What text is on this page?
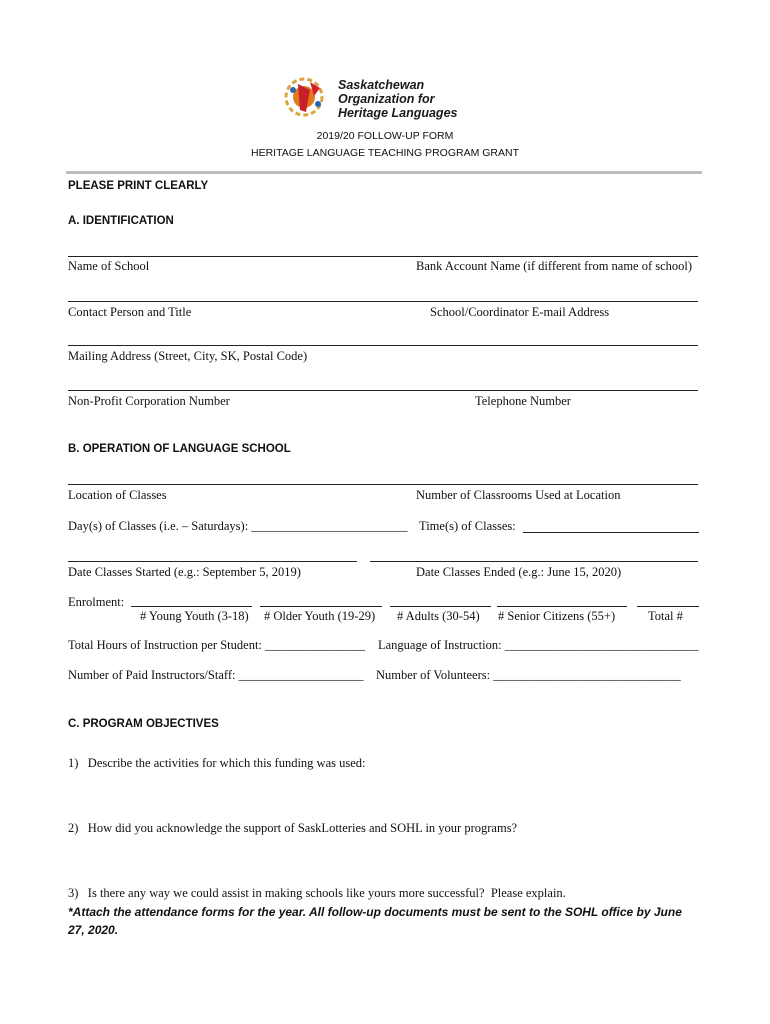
Saskatchewan
Organization for
Heritage Languages
2019/20 FOLLOW-UP FORM
HERITAGE LANGUAGE TEACHING PROGRAM GRANT
PLEASE PRINT CLEARLY
A. IDENTIFICATION
Name of School	Bank Account Name (if different from name of school)
Contact Person and Title	School/Coordinator E-mail Address
Mailing Address (Street, City, SK, Postal Code)
Non-Profit Corporation Number	Telephone Number
B. OPERATION OF LANGUAGE SCHOOL
Location of Classes	Number of Classrooms Used at Location
Day(s) of Classes (i.e. – Saturdays): _________________________ Time(s) of Classes:
Date Classes Started (e.g.: September 5, 2019)	Date Classes Ended (e.g.: June 15, 2020)
Enrolment:
# Young Youth (3-18) # Older Youth (19-29) # Adults (30-54) # Senior Citizens (55+)	Total #
Total Hours of Instruction per Student: ________________ Language of Instruction: _______________________________
Number of Paid Instructors/Staff: ____________________ Number of Volunteers: ______________________________
C. PROGRAM OBJECTIVES
1)   Describe the activities for which this funding was used:
2)   How did you acknowledge the support of SaskLotteries and SOHL in your programs?
3)   Is there any way we could assist in making schools like yours more successful?  Please explain.
*Attach the attendance forms for the year. All follow-up documents must be sent to the SOHL office by June 27, 2020.
